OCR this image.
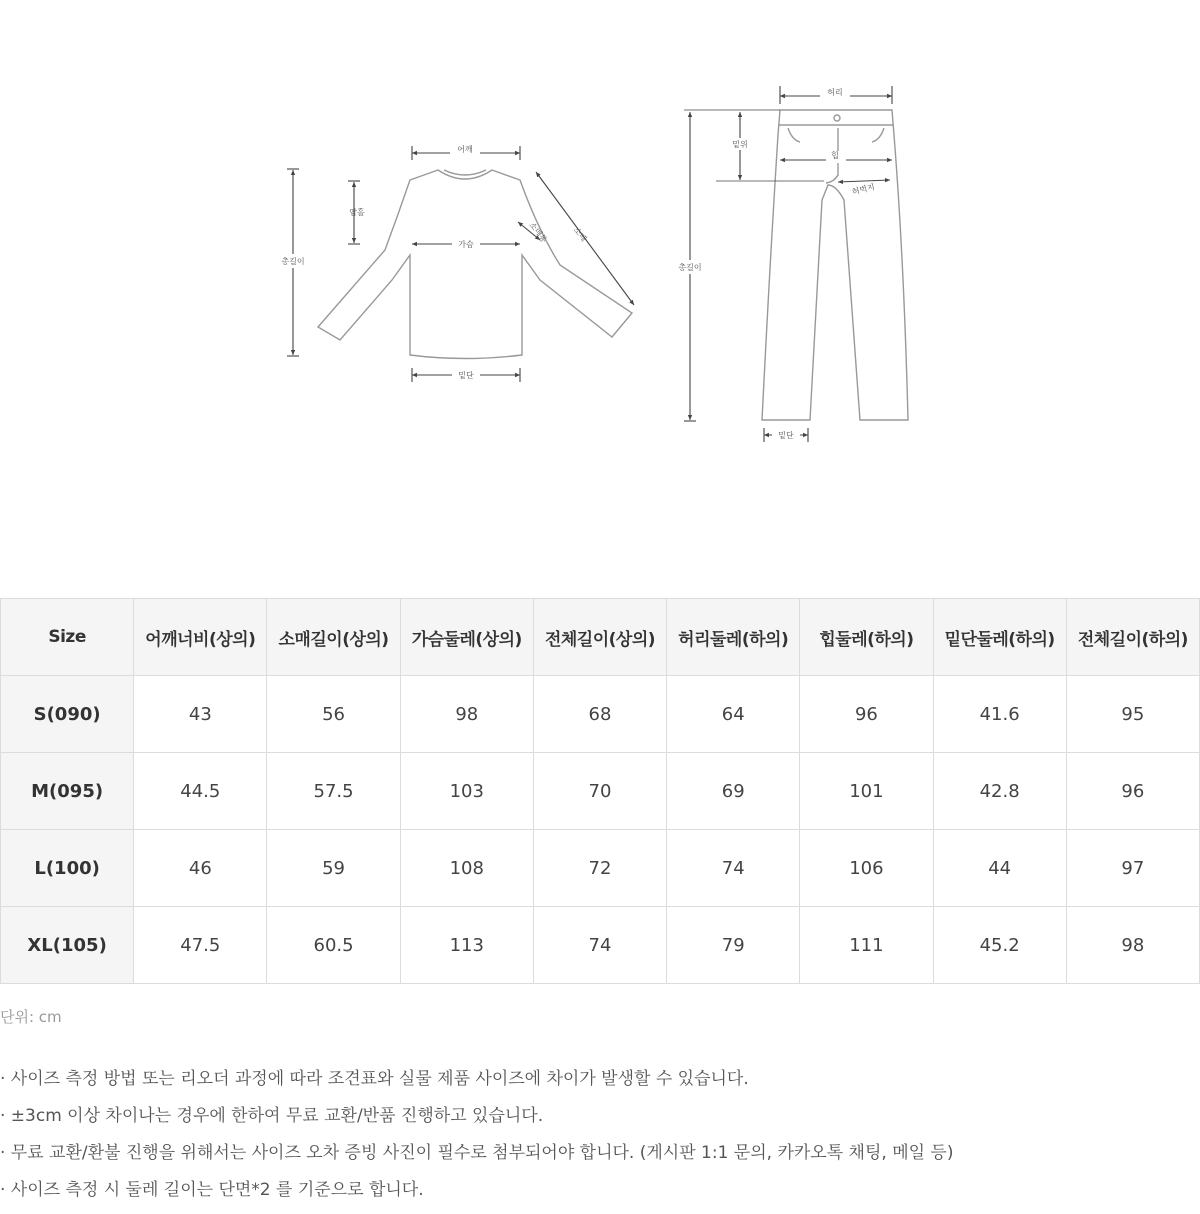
어깨
암홀
총길이
가슴
소매통	소매
밑단
허리
밑위
힙
허벅지
총길이
밑단
Size	어깨너비(상의)	소매길이(상의)	가슴둘레(상의)	전체길이(상의)	허리둘레(하의)	힙둘레(하의)	밑단둘레(하의)	전체길이(하의)
S(090)	43	56	98	68	64	96	41.6	95
M(095)	44.5	57.5	103	70	69	101	42.8	96
L(100)	46	59	108	72	74	106	44	97
XL(105)	47.5	60.5	113	74	79	111	45.2	98
단위: cm
· 사이즈 측정 방법 또는 리오더 과정에 따라 조견표와 실물 제품 사이즈에 차이가 발생할 수 있습니다.
· ±3cm 이상 차이나는 경우에 한하여 무료 교환/반품 진행하고 있습니다.
· 무료 교환/환불 진행을 위해서는 사이즈 오차 증빙 사진이 필수로 첨부되어야 합니다. (게시판 1:1 문의, 카카오톡 채팅, 메일 등)
· 사이즈 측정 시 둘레 길이는 단면*2 를 기준으로 합니다.
